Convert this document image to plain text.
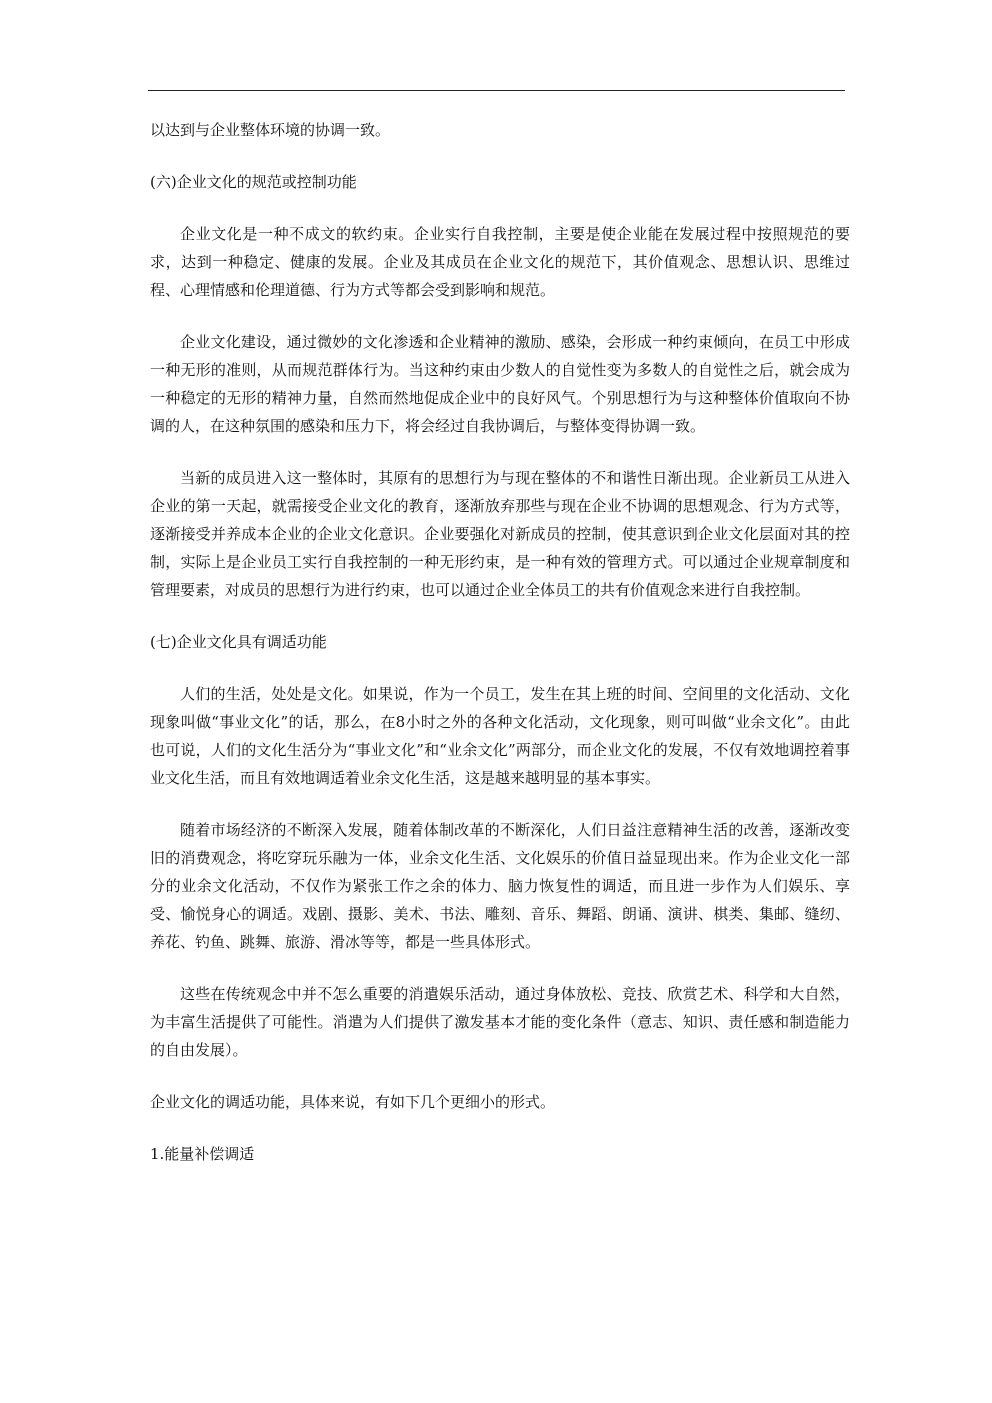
以达到与企业整体环境的协调一致。

(六)企业文化的规范或控制功能

企业文化是一种不成文的软约束。企业实行自我控制，主要是使企业能在发展过程中按照规范的要求，达到一种稳定、健康的发展。企业及其成员在企业文化的规范下，其价值观念、思想认识、思维过程、心理情感和伦理道德、行为方式等都会受到影响和规范。

企业文化建设，通过微妙的文化渗透和企业精神的激励、感染，会形成一种约束倾向，在员工中形成一种无形的准则，从而规范群体行为。当这种约束由少数人的自觉性变为多数人的自觉性之后，就会成为一种稳定的无形的精神力量，自然而然地促成企业中的良好风气。个别思想行为与这种整体价值取向不协调的人，在这种氛围的感染和压力下，将会经过自我协调后，与整体变得协调一致。

当新的成员进入这一整体时，其原有的思想行为与现在整体的不和谐性日渐出现。企业新员工从进入企业的第一天起，就需接受企业文化的教育，逐渐放弃那些与现在企业不协调的思想观念、行为方式等，逐渐接受并养成本企业的企业文化意识。企业要强化对新成员的控制，使其意识到企业文化层面对其的控制，实际上是企业员工实行自我控制的一种无形约束，是一种有效的管理方式。可以通过企业规章制度和管理要素，对成员的思想行为进行约束，也可以通过企业全体员工的共有价值观念来进行自我控制。

(七)企业文化具有调适功能

人们的生活，处处是文化。如果说，作为一个员工，发生在其上班的时间、空间里的文化活动、文化现象叫做“事业文化”的话，那么，在8小时之外的各种文化活动，文化现象，则可叫做“业余文化”。由此也可说，人们的文化生活分为“事业文化”和“业余文化”两部分，而企业文化的发展，不仅有效地调控着事业文化生活，而且有效地调适着业余文化生活，这是越来越明显的基本事实。

随着市场经济的不断深入发展，随着体制改革的不断深化，人们日益注意精神生活的改善，逐渐改变旧的消费观念，将吃穿玩乐融为一体，业余文化生活、文化娱乐的价值日益显现出来。作为企业文化一部分的业余文化活动，不仅作为紧张工作之余的体力、脑力恢复性的调适，而且进一步作为人们娱乐、享受、愉悦身心的调适。戏剧、摄影、美术、书法、雕刻、音乐、舞蹈、朗诵、演讲、棋类、集邮、缝纫、养花、钓鱼、跳舞、旅游、滑冰等等，都是一些具体形式。

这些在传统观念中并不怎么重要的消遣娱乐活动，通过身体放松、竞技、欣赏艺术、科学和大自然，为丰富生活提供了可能性。消遣为人们提供了激发基本才能的变化条件（意志、知识、责任感和制造能力的自由发展）。

企业文化的调适功能，具体来说，有如下几个更细小的形式。

1.能量补偿调适
